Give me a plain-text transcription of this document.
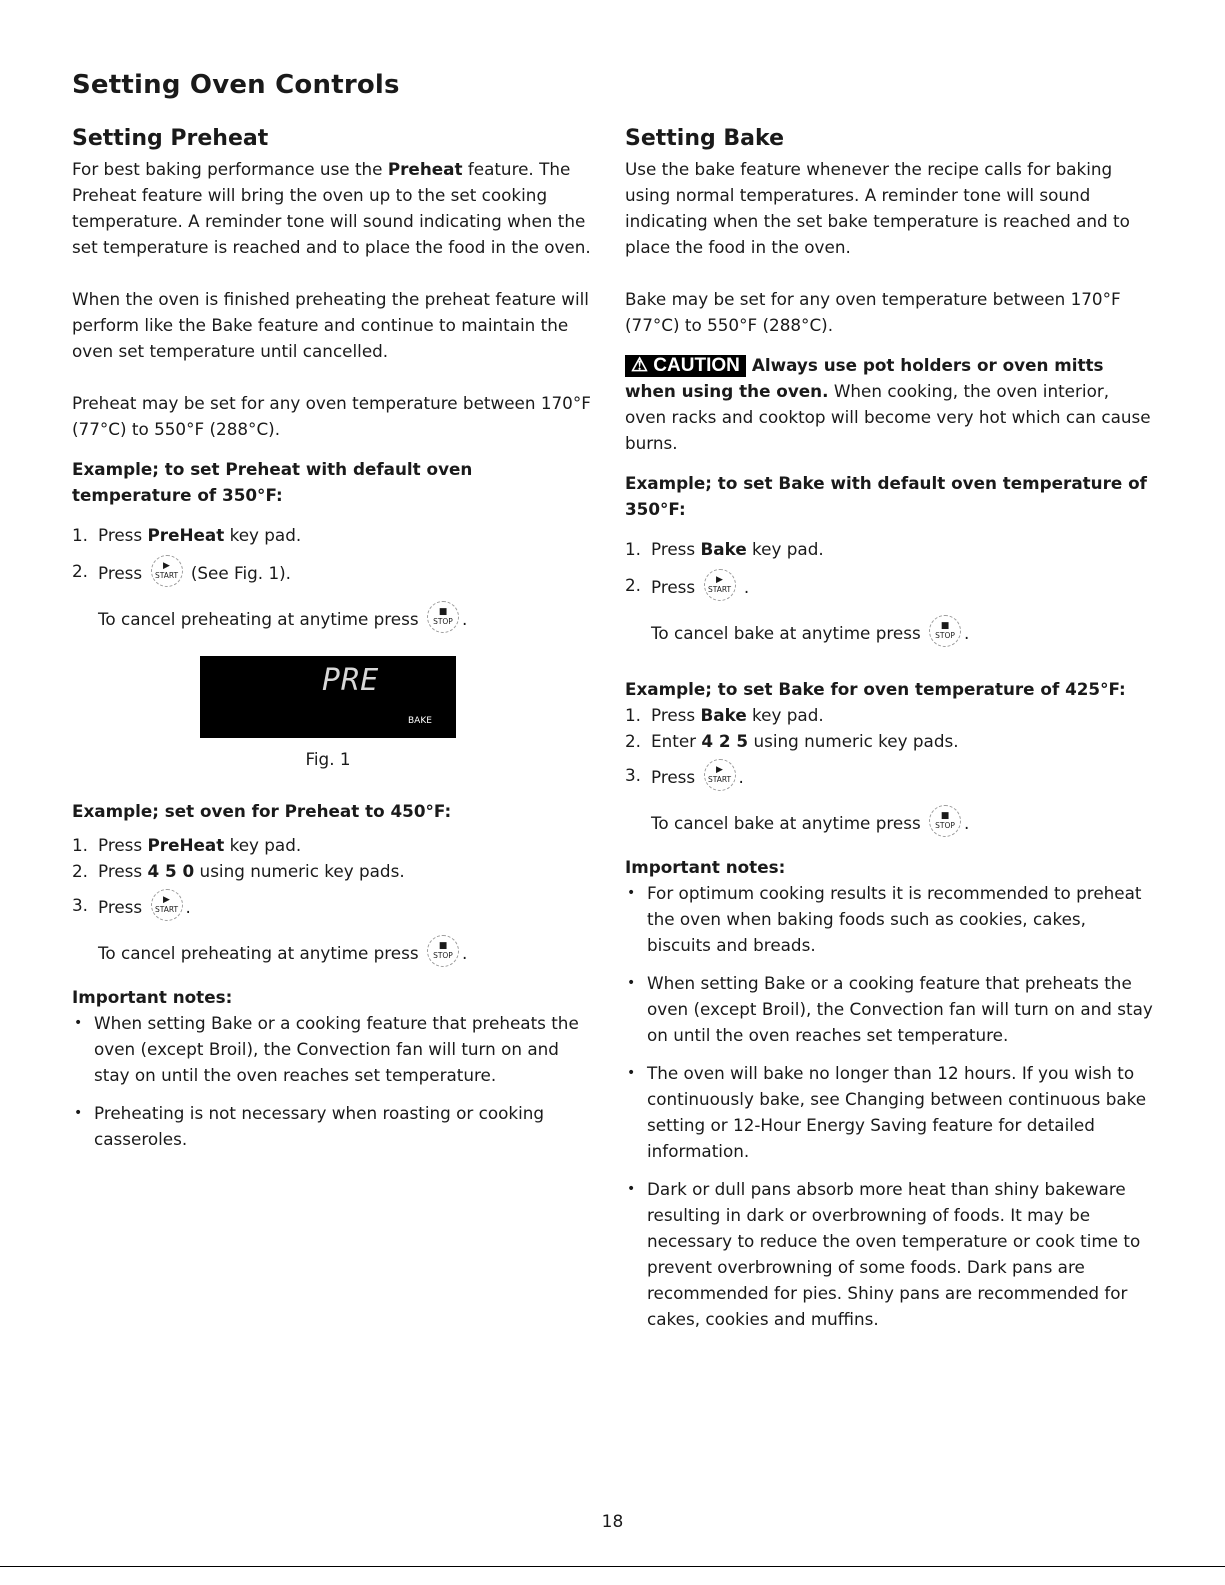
Setting Oven Controls
Setting Preheat

For best baking performance use the Preheat feature. The Preheat feature will bring the oven up to the set cooking temperature. A reminder tone will sound indicating when the set temperature is reached and to place the food in the oven.

When the oven is finished preheating the preheat feature will perform like the Bake feature and continue to maintain the oven set temperature until cancelled.

Preheat may be set for any oven temperature between 170°F (77°C) to 550°F (288°C).

Example; to set Preheat with default oven temperature of 350°F:

1. Press PreHeat key pad.
2. Press ▶
START (See Fig. 1).

To cancel preheating at anytime press ■
STOP .

PRE
BAKE

Fig. 1

Example; set oven for Preheat to 450°F:

1. Press PreHeat key pad.
2. Press 4 5 0 using numeric key pads.
3. Press ▶
START .

To cancel preheating at anytime press ■
STOP .

Important notes:

• When setting Bake or a cooking feature that preheats the oven (except Broil), the Convection fan will turn on and stay on until the oven reaches set temperature.
• Preheating is not necessary when roasting or cooking casseroles.
Setting Bake

Use the bake feature whenever the recipe calls for baking using normal temperatures. A reminder tone will sound indicating when the set bake temperature is reached and to place the food in the oven.

Bake may be set for any oven temperature between 170°F (77°C) to 550°F (288°C).

⚠ CAUTION Always use pot holders or oven mitts when using the oven. When cooking, the oven interior, oven racks and cooktop will become very hot which can cause burns.

Example; to set Bake with default oven temperature of 350°F:

1. Press Bake key pad.
2. Press ▶
START .

To cancel bake at anytime press ■
STOP .

Example; to set Bake for oven temperature of 425°F:

1. Press Bake key pad.
2. Enter 4 2 5 using numeric key pads.
3. Press ▶
START .

To cancel bake at anytime press ■
STOP .

Important notes:

• For optimum cooking results it is recommended to preheat the oven when baking foods such as cookies, cakes, biscuits and breads.
• When setting Bake or a cooking feature that preheats the oven (except Broil), the Convection fan will turn on and stay on until the oven reaches set temperature.
• The oven will bake no longer than 12 hours. If you wish to continuously bake, see Changing between continuous bake setting or 12-Hour Energy Saving feature for detailed information.
• Dark or dull pans absorb more heat than shiny bakeware resulting in dark or overbrowning of foods. It may be necessary to reduce the oven temperature or cook time to prevent overbrowning of some foods. Dark pans are recommended for pies. Shiny pans are recommended for cakes, cookies and muffins.
18
